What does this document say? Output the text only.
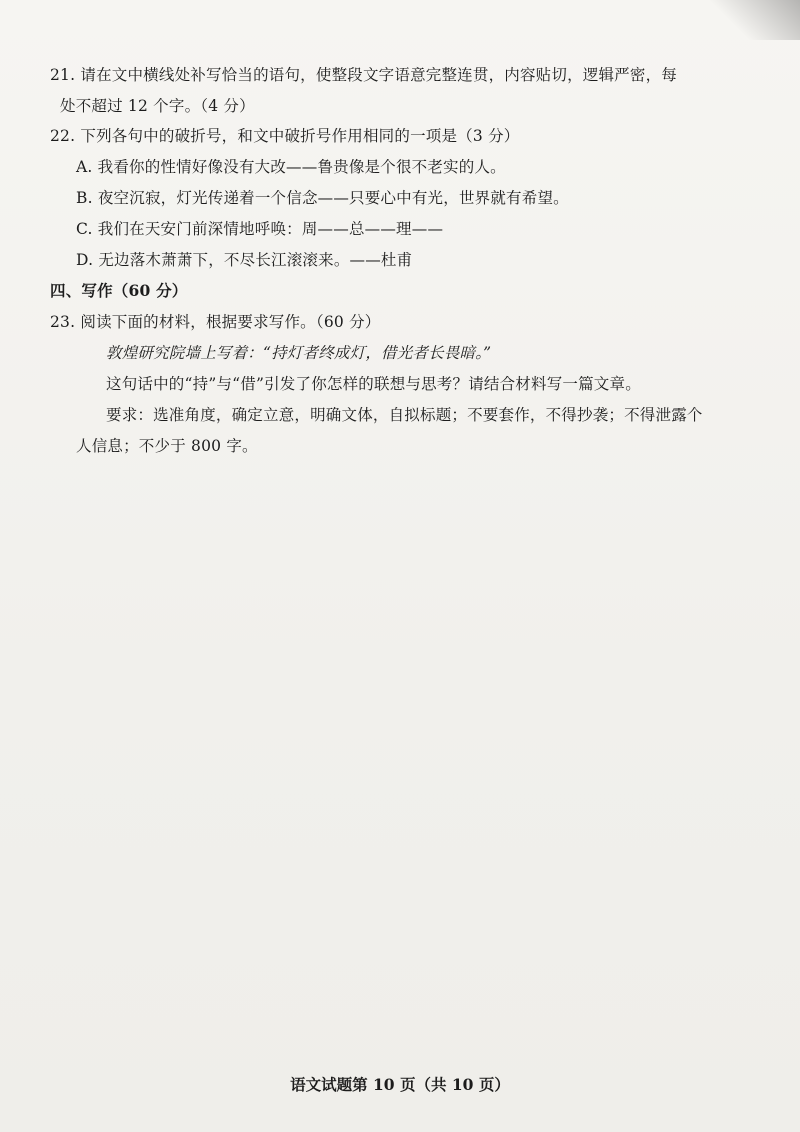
21. 请在文中横线处补写恰当的语句，使整段文字语意完整连贯，内容贴切，逻辑严密，每
处不超过 12 个字。（4 分）
22. 下列各句中的破折号，和文中破折号作用相同的一项是（3 分）
A. 我看你的性情好像没有大改——鲁贵像是个很不老实的人。
B. 夜空沉寂，灯光传递着一个信念——只要心中有光，世界就有希望。
C. 我们在天安门前深情地呼唤：周——总——理——
D. 无边落木萧萧下，不尽长江滚滚来。——杜甫
四、写作（60 分）
23. 阅读下面的材料，根据要求写作。（60 分）
敦煌研究院墙上写着：“持灯者终成灯，借光者长畏暗。”
这句话中的“持”与“借”引发了你怎样的联想与思考？请结合材料写一篇文章。
要求：选准角度，确定立意，明确文体，自拟标题；不要套作，不得抄袭；不得泄露个
人信息；不少于 800 字。
语文试题第 10 页（共 10 页）
